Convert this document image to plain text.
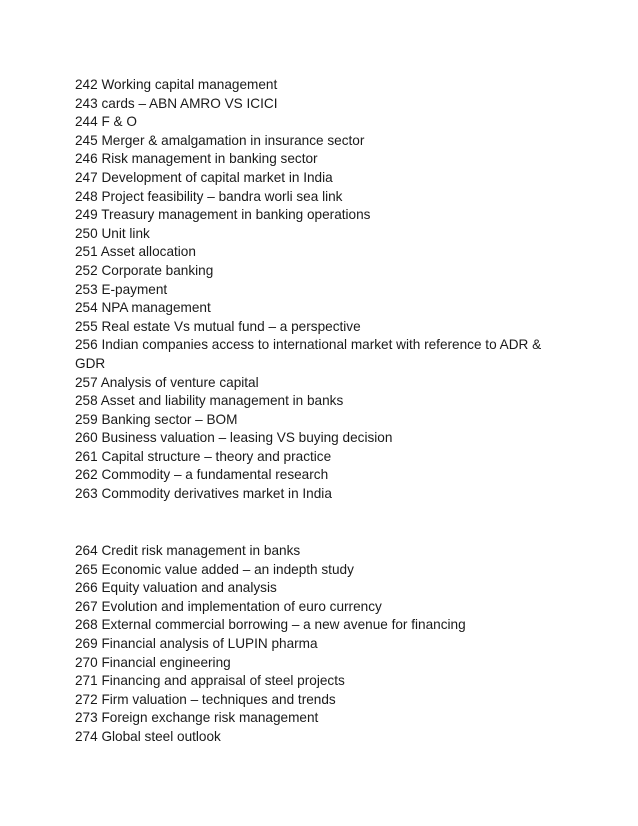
242 Working capital management
243 cards – ABN AMRO VS ICICI
244 F & O
245 Merger & amalgamation in insurance sector
246 Risk management in banking sector
247 Development of capital market in India
248 Project feasibility – bandra worli sea link
249 Treasury management in banking operations
250 Unit link
251 Asset allocation
252 Corporate banking
253 E-payment
254 NPA management
255 Real estate Vs mutual fund – a perspective
256 Indian companies access to international market with reference to ADR & GDR
257 Analysis of venture capital
258 Asset and liability management in banks
259 Banking sector – BOM
260 Business valuation – leasing VS buying decision
261 Capital structure – theory and practice
262 Commodity – a fundamental research
263 Commodity derivatives market in India
264 Credit risk management in banks
265 Economic value added – an indepth study
266 Equity valuation and analysis
267 Evolution and implementation of euro currency
268 External commercial borrowing – a new avenue for financing
269 Financial analysis of LUPIN pharma
270 Financial engineering
271 Financing and appraisal of steel projects
272 Firm valuation – techniques and trends
273 Foreign exchange risk management
274 Global steel outlook
